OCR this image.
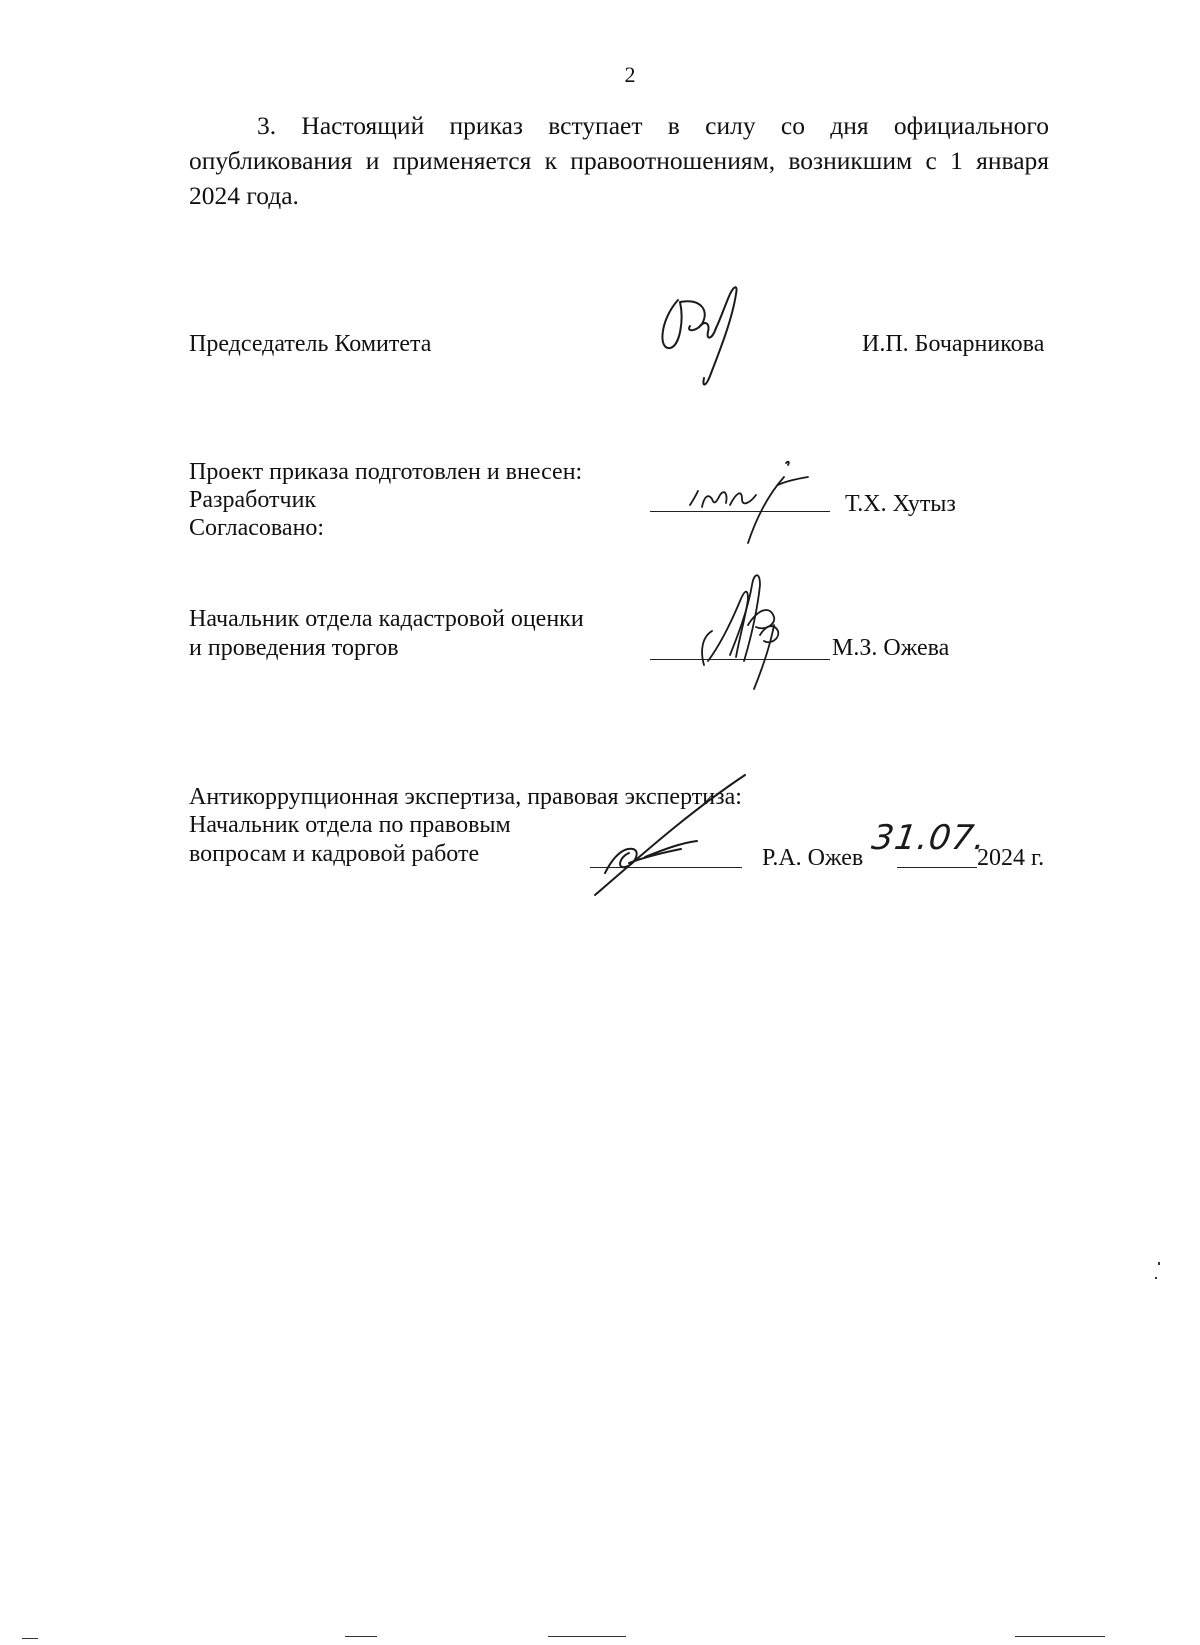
2
3. Настоящий приказ вступает в силу со дня официального опубликования и применяется к правоотношениям, возникшим с 1 января 2024 года.
Председатель Комитета	И.П. Бочарникова
Проект приказа подготовлен и внесен:
Разработчик
Согласовано:
Т.Х. Хутыз
Начальник отдела кадастровой оценки
и проведения торгов	М.З. Ожева
Антикоррупционная экспертиза, правовая экспертиза:
Начальник отдела по правовым
вопросам и кадровой работе	Р.А. Ожев 31.07.
2024 г.
